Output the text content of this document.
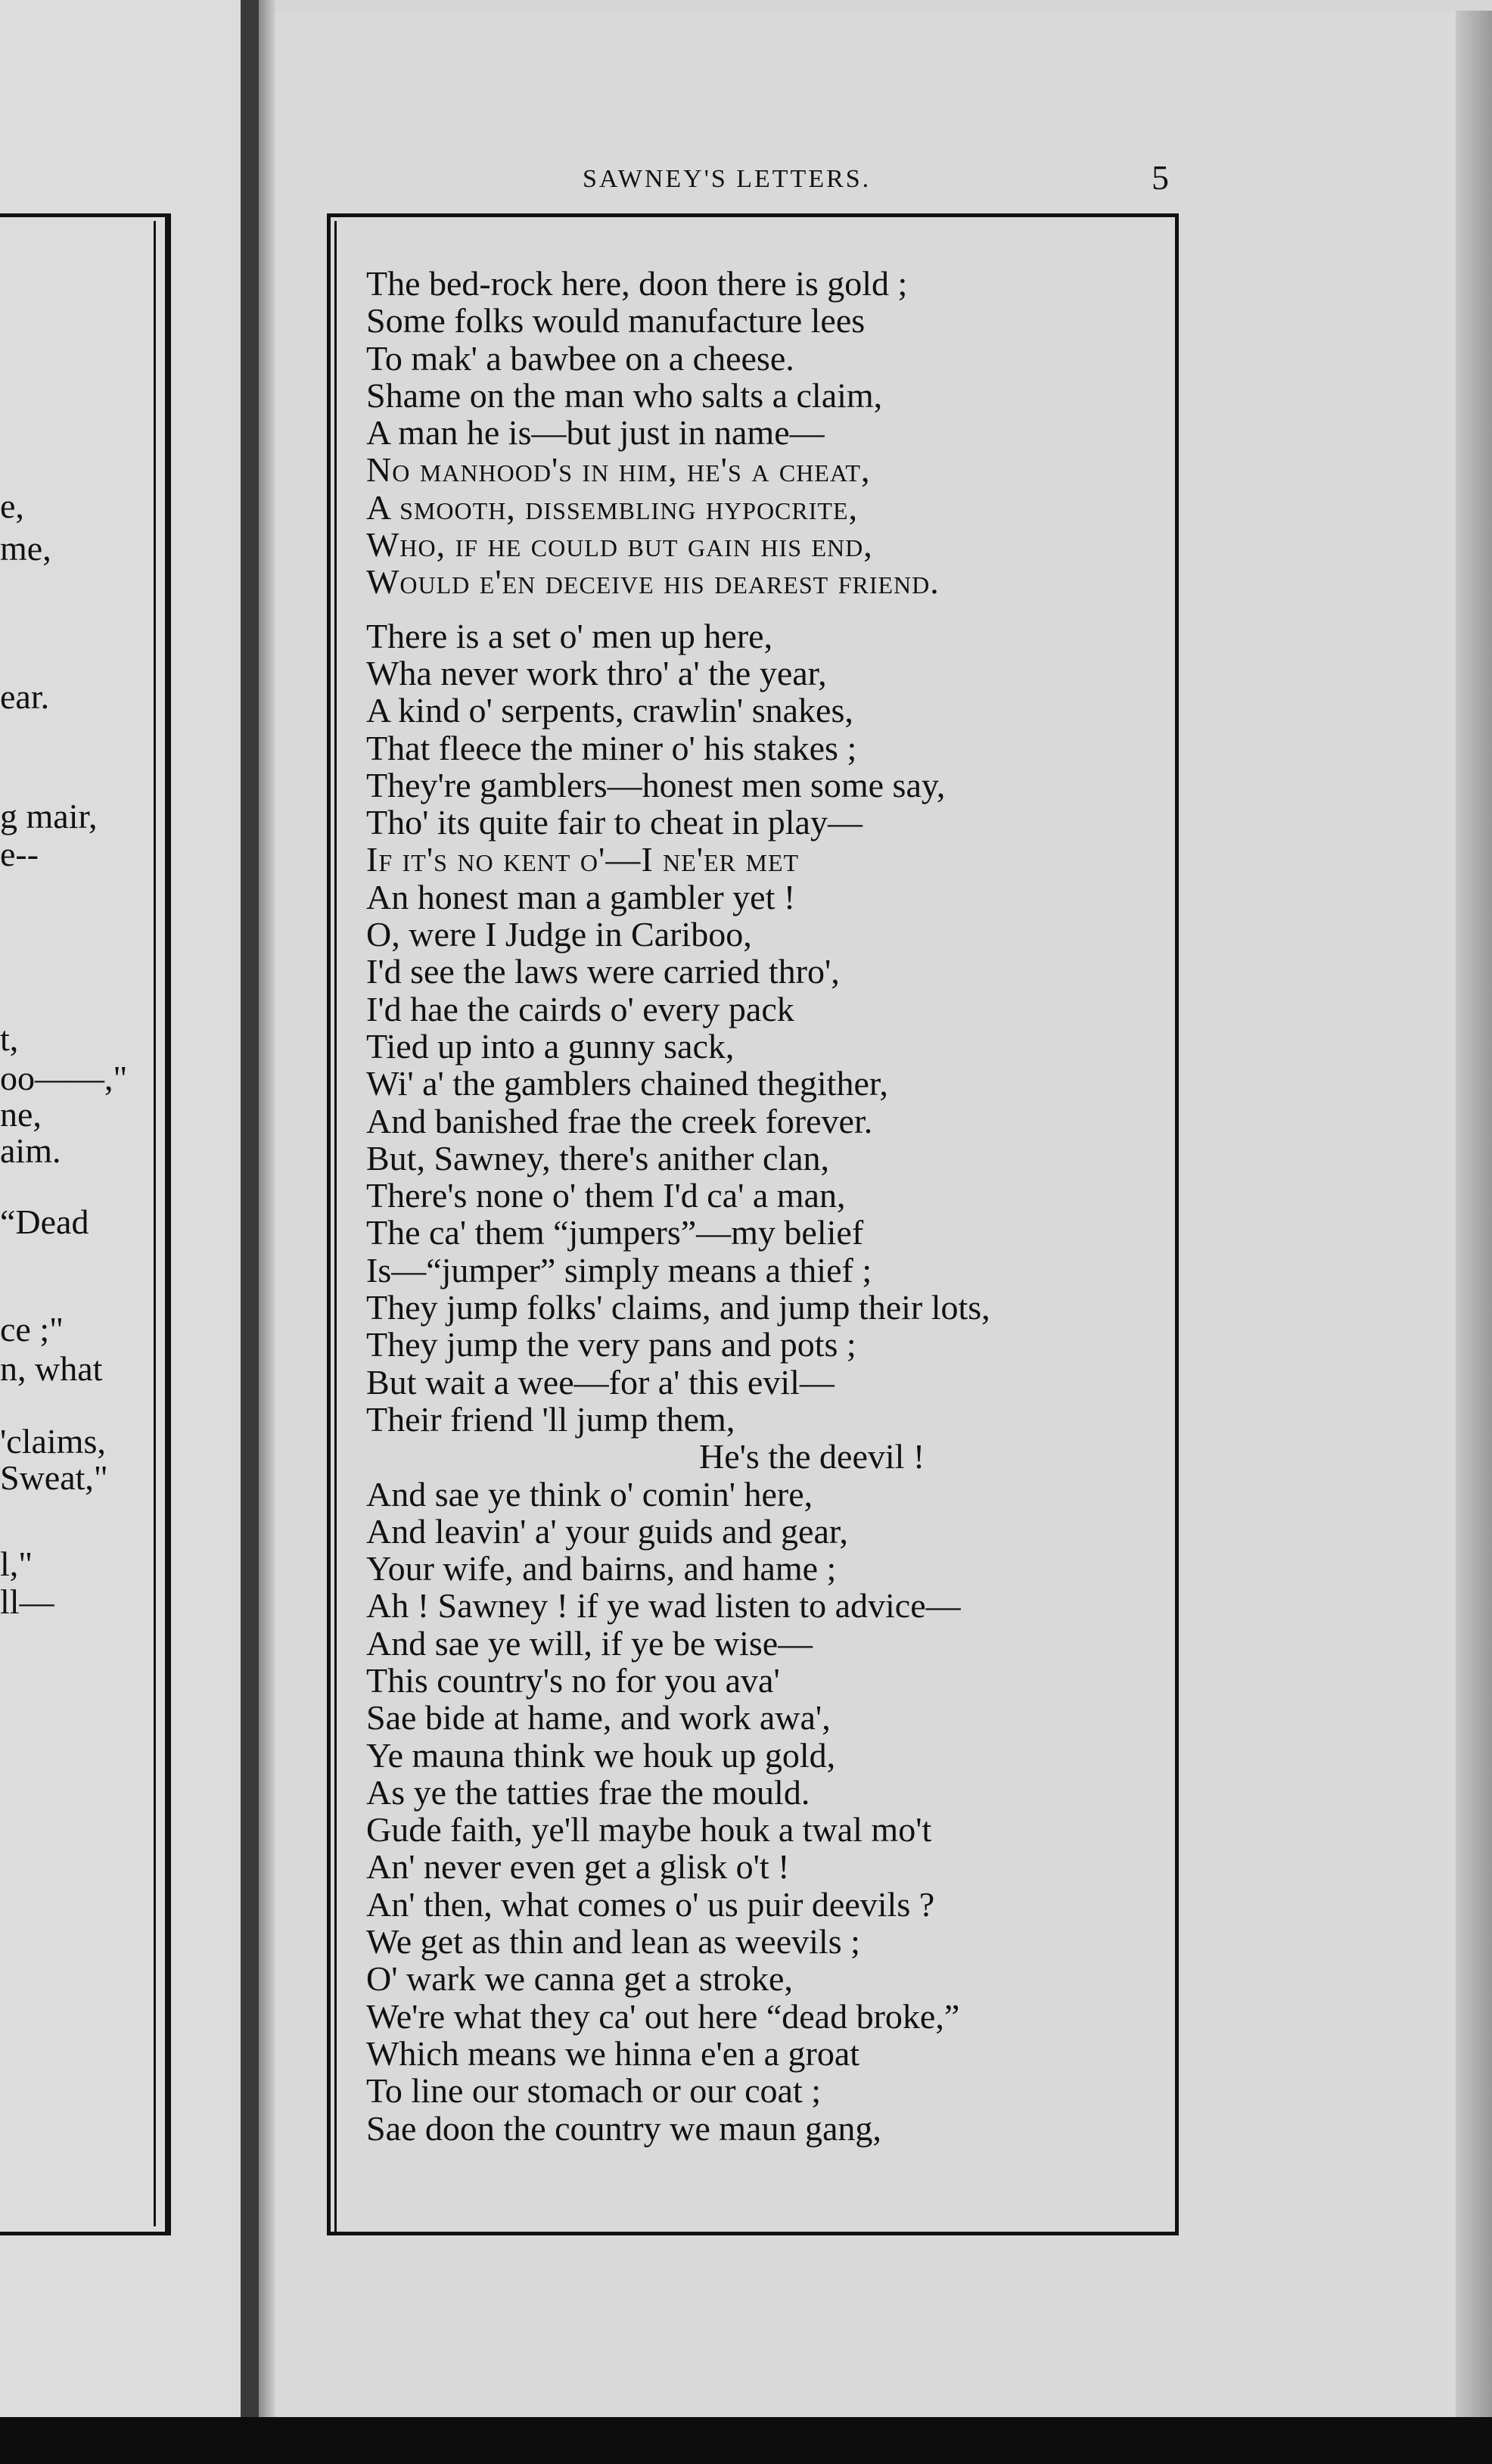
e,
me,
ear.
g mair,
e--
t,
oo——,"
ne,
aim.
“Dead
ce ;"
n, what
'claims,
Sweat,"
l,"
ll—
SAWNEY'S LETTERS.	5
The bed-rock here, doon there is gold ;
Some folks would manufacture lees
To mak' a bawbee on a cheese.
Shame on the man who salts a claim,
A man he is—but just in name—
No manhood's in him, he's a cheat,
A smooth, dissembling hypocrite,
Who, if he could but gain his end,
Would e'en deceive his dearest friend.
There is a set o' men up here,
Wha never work thro' a' the year,
A kind o' serpents, crawlin' snakes,
That fleece the miner o' his stakes ;
They're gamblers—honest men some say,
Tho' its quite fair to cheat in play—
If it's no kent o'—I ne'er met
An honest man a gambler yet !
O, were I Judge in Cariboo,
I'd see the laws were carried thro',
I'd hae the cairds o' every pack
Tied up into a gunny sack,
Wi' a' the gamblers chained thegither,
And banished frae the creek forever.
But, Sawney, there's anither clan,
There's none o' them I'd ca' a man,
The ca' them “jumpers”—my belief
Is—“jumper” simply means a thief ;
They jump folks' claims, and jump their lots,
They jump the very pans and pots ;
But wait a wee—for a' this evil—
Their friend 'll jump them,
He's the deevil !
And sae ye think o' comin' here,
And leavin' a' your guids and gear,
Your wife, and bairns, and hame ;
Ah ! Sawney ! if ye wad listen to advice—
And sae ye will, if ye be wise—
This country's no for you ava'
Sae bide at hame, and work awa',
Ye mauna think we houk up gold,
As ye the tatties frae the mould.
Gude faith, ye'll maybe houk a twal mo't
An' never even get a glisk o't !
An' then, what comes o' us puir deevils ?
We get as thin and lean as weevils ;
O' wark we canna get a stroke,
We're what they ca' out here “dead broke,”
Which means we hinna e'en a groat
To line our stomach or our coat ;
Sae doon the country we maun gang,
